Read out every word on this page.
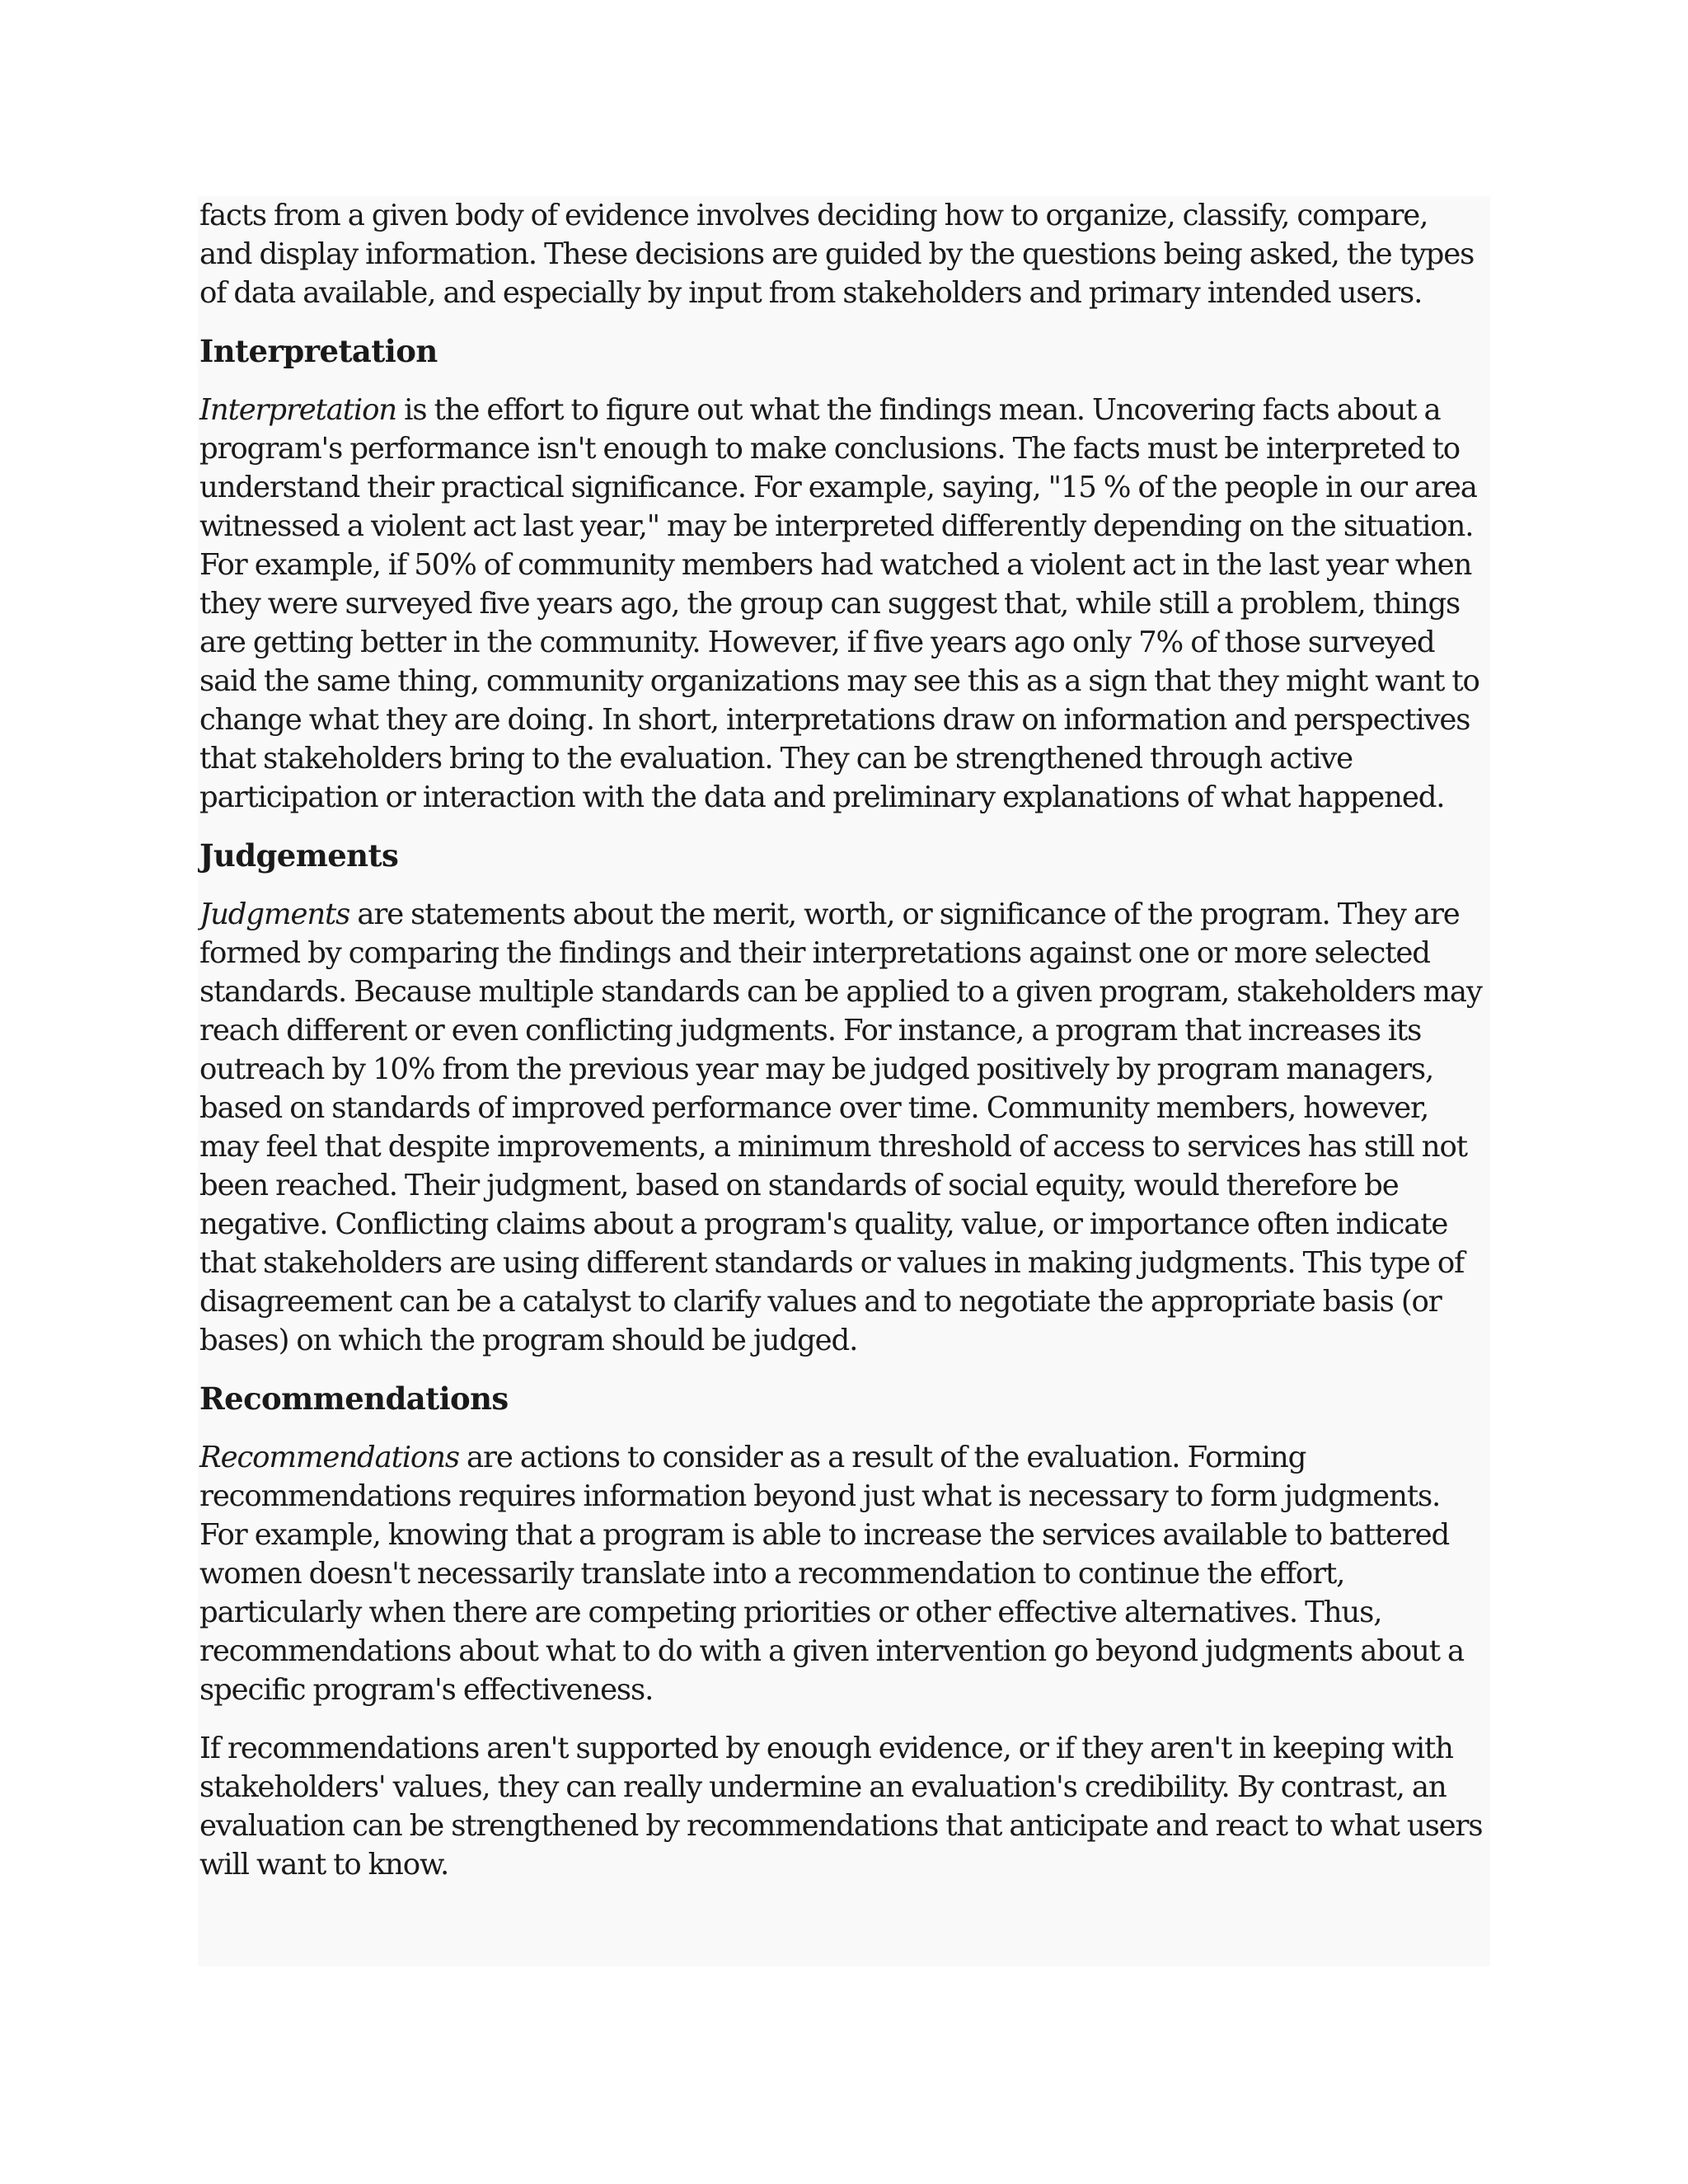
facts from a given body of evidence involves deciding how to organize, classify, compare, and display information. These decisions are guided by the questions being asked, the types of data available, and especially by input from stakeholders and primary intended users.

Interpretation

Interpretation is the effort to figure out what the findings mean. Uncovering facts about a program's performance isn't enough to make conclusions. The facts must be interpreted to understand their practical significance. For example, saying, "15 % of the people in our area witnessed a violent act last year," may be interpreted differently depending on the situation. For example, if 50% of community members had watched a violent act in the last year when they were surveyed five years ago, the group can suggest that, while still a problem, things are getting better in the community. However, if five years ago only 7% of those surveyed said the same thing, community organizations may see this as a sign that they might want to change what they are doing. In short, interpretations draw on information and perspectives that stakeholders bring to the evaluation. They can be strengthened through active participation or interaction with the data and preliminary explanations of what happened.

Judgements

Judgments are statements about the merit, worth, or significance of the program. They are formed by comparing the findings and their interpretations against one or more selected standards. Because multiple standards can be applied to a given program, stakeholders may reach different or even conflicting judgments. For instance, a program that increases its outreach by 10% from the previous year may be judged positively by program managers, based on standards of improved performance over time. Community members, however, may feel that despite improvements, a minimum threshold of access to services has still not been reached. Their judgment, based on standards of social equity, would therefore be negative. Conflicting claims about a program's quality, value, or importance often indicate that stakeholders are using different standards or values in making judgments. This type of disagreement can be a catalyst to clarify values and to negotiate the appropriate basis (or bases) on which the program should be judged.

Recommendations

Recommendations are actions to consider as a result of the evaluation. Forming recommendations requires information beyond just what is necessary to form judgments. For example, knowing that a program is able to increase the services available to battered women doesn't necessarily translate into a recommendation to continue the effort, particularly when there are competing priorities or other effective alternatives. Thus, recommendations about what to do with a given intervention go beyond judgments about a specific program's effectiveness.

If recommendations aren't supported by enough evidence, or if they aren't in keeping with stakeholders' values, they can really undermine an evaluation's credibility. By contrast, an evaluation can be strengthened by recommendations that anticipate and react to what users will want to know.
